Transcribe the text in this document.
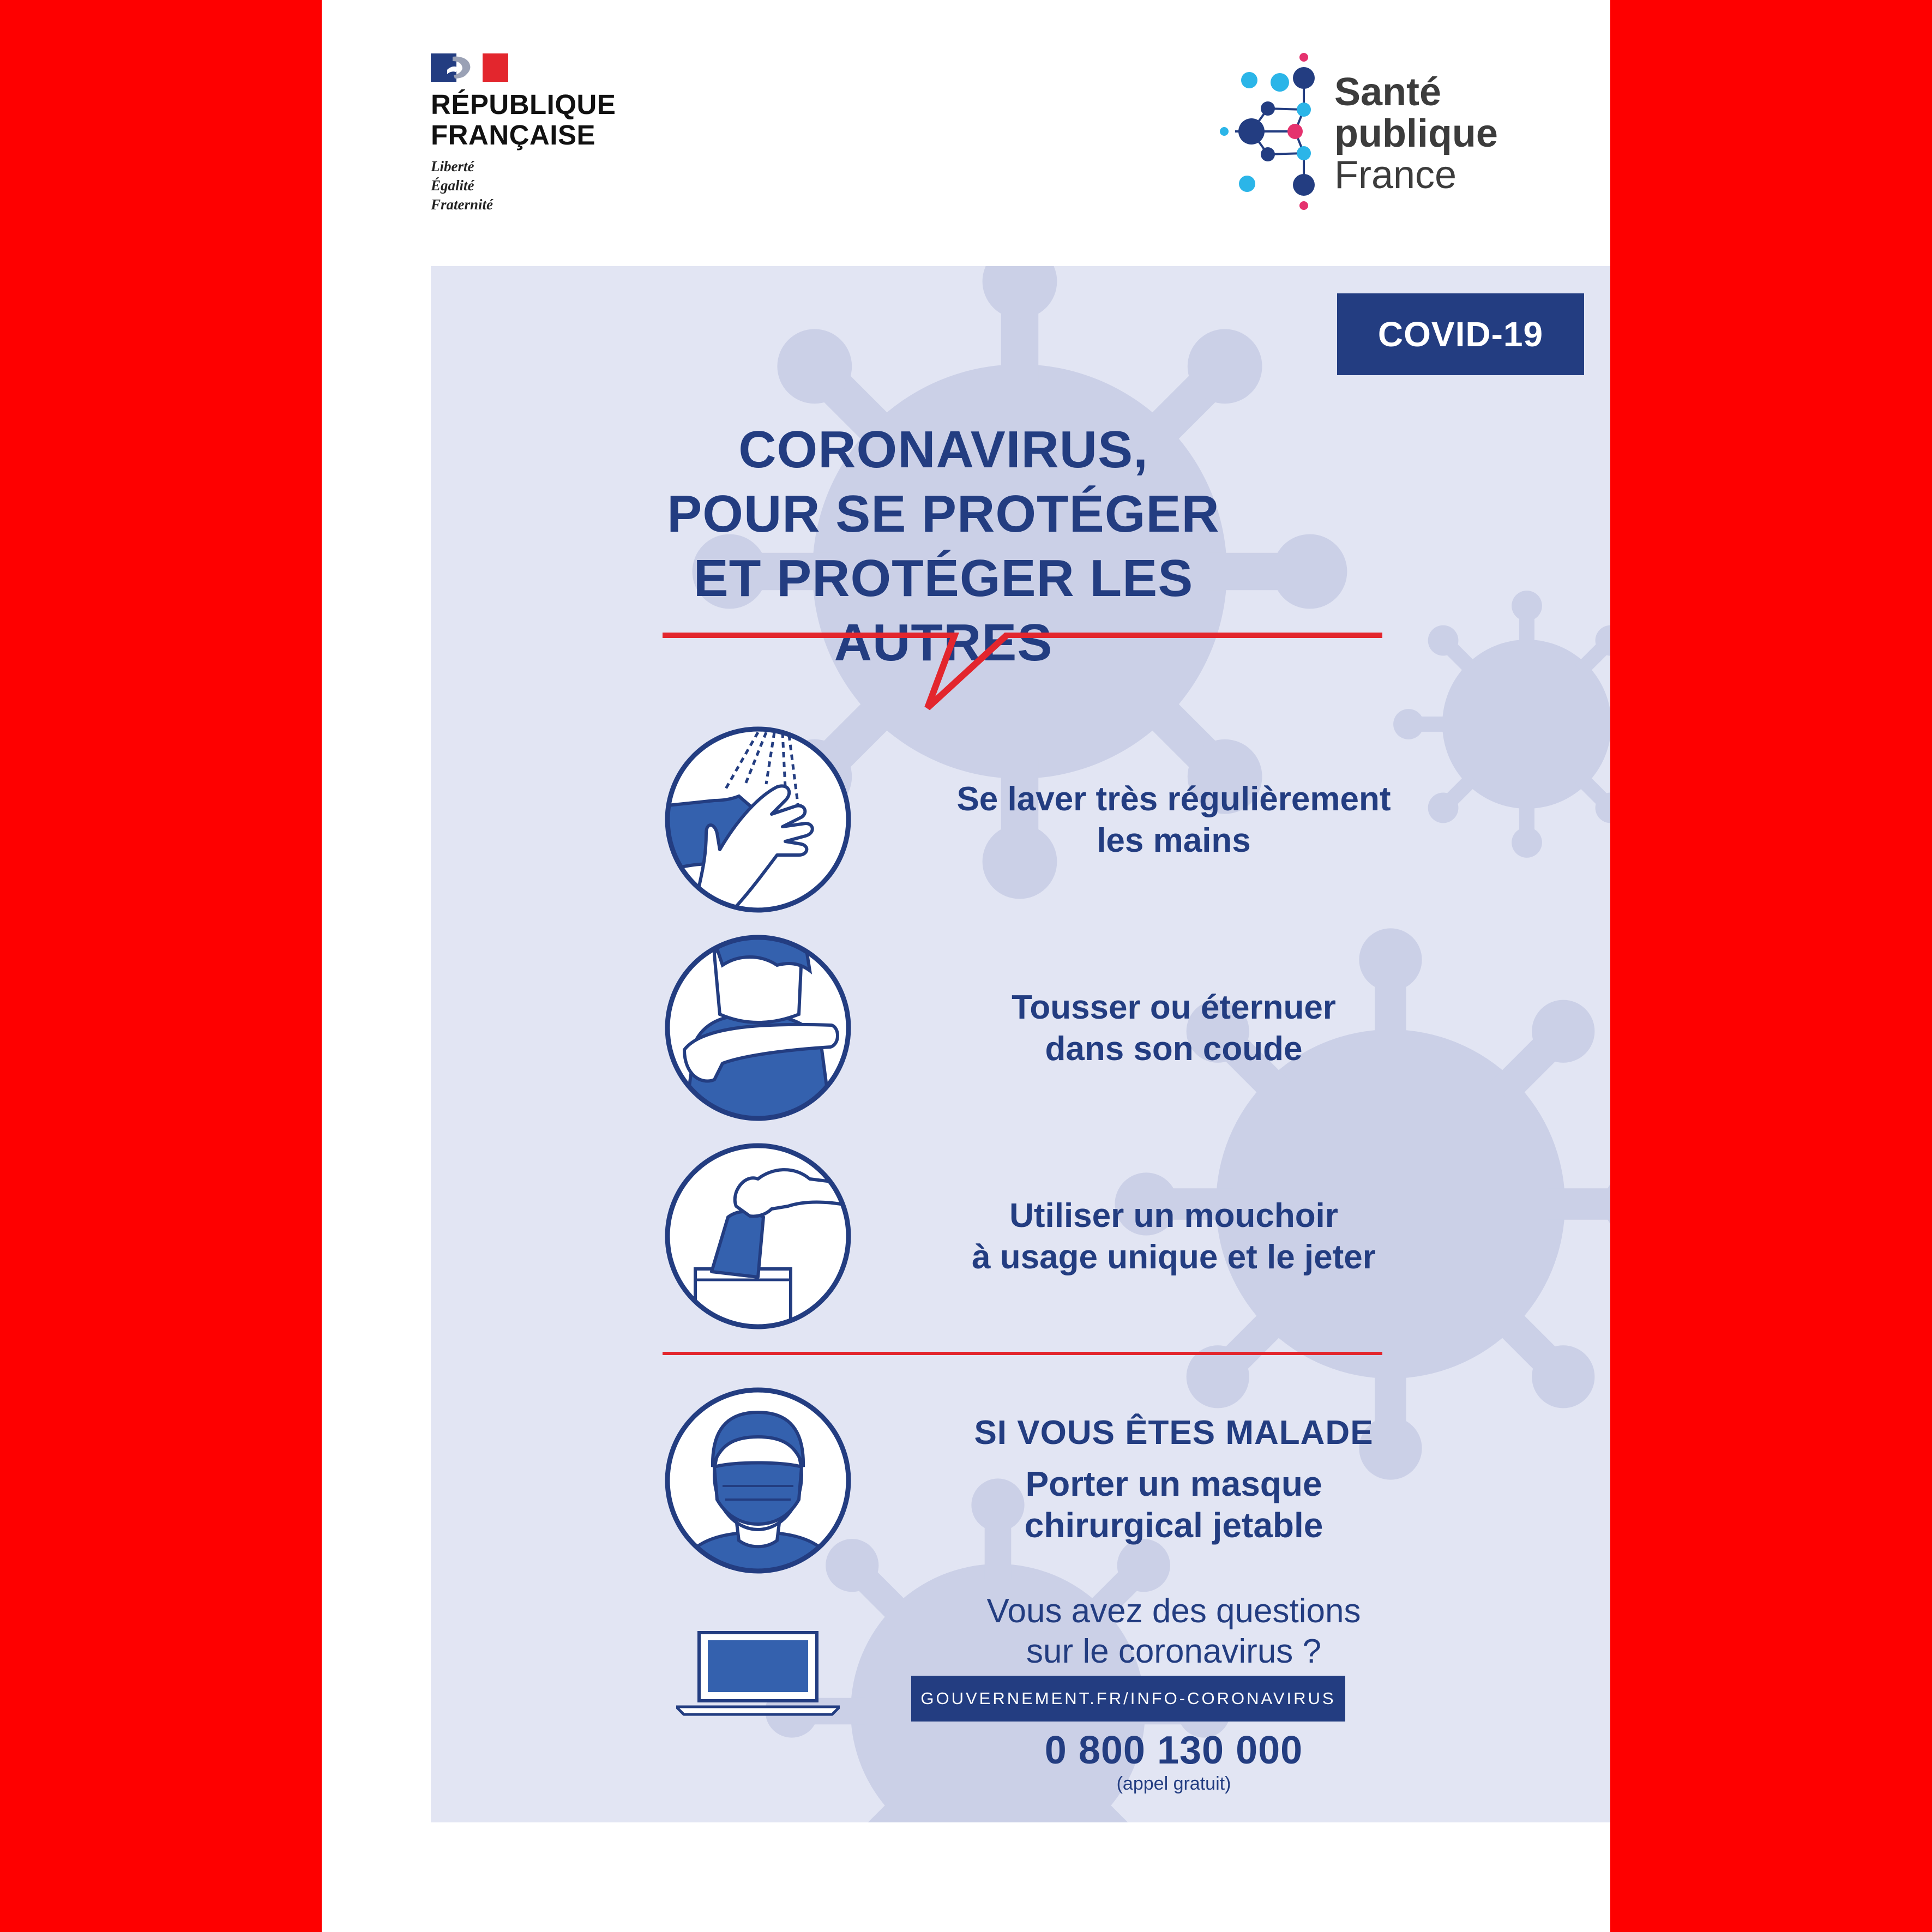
RÉPUBLIQUE
FRANÇAISE
Liberté
Égalité
Fraternité
Santé
publique
France
COVID-19
CORONAVIRUS,
POUR SE PROTÉGER
ET PROTÉGER LES AUTRES
Se laver très régulièrement
les mains
Tousser ou éternuer
dans son coude
Utiliser un mouchoir
à usage unique et le jeter
SI VOUS ÊTES MALADE
Porter un masque
chirurgical jetable
Vous avez des questions
sur le coronavirus ?
GOUVERNEMENT.FR/INFO-CORONAVIRUS
0 800 130 000
(appel gratuit)
